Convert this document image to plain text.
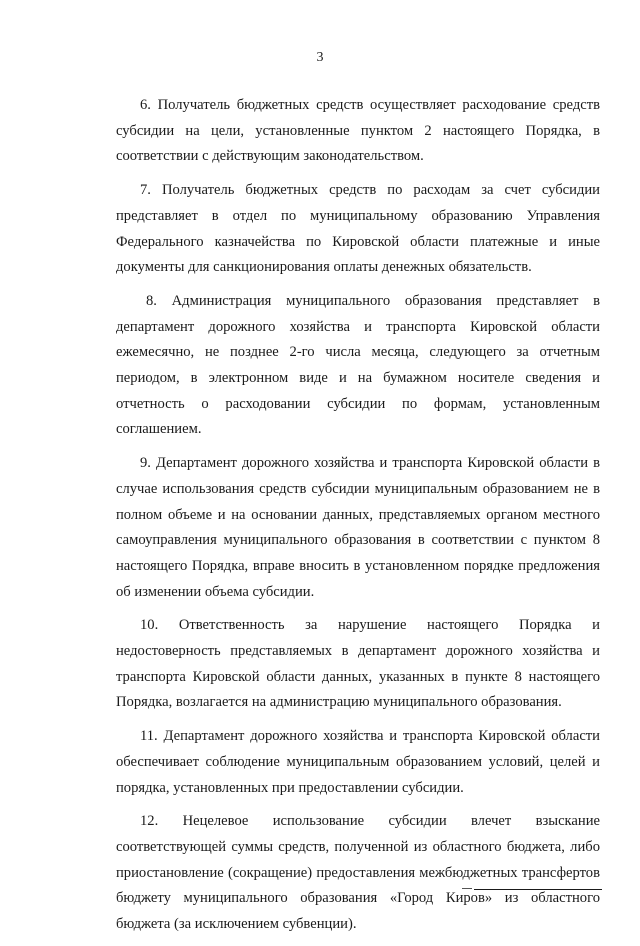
3

6. Получатель бюджетных средств осуществляет расходование средств субсидии на цели, установленные пунктом 2 настоящего Порядка, в соответствии с действующим законодательством.

7. Получатель бюджетных средств по расходам за счет субсидии представляет в отдел по муниципальному образованию Управления Федерального казначейства по Кировской области платежные и иные документы для санкционирования оплаты денежных обязательств.

8. Администрация муниципального образования представляет в департамент дорожного хозяйства и транспорта Кировской области ежемесячно, не позднее 2-го числа месяца, следующего за отчетным периодом, в электронном виде и на бумажном носителе сведения и отчетность о расходовании субсидии по формам, установленным соглашением.

9. Департамент дорожного хозяйства и транспорта Кировской области в случае использования средств субсидии муниципальным образованием не в полном объеме и на основании данных, представляемых органом местного самоуправления муниципального образования в соответствии с пунктом 8 настоящего Порядка, вправе вносить в установленном порядке предложения об изменении объема субсидии.

10. Ответственность за нарушение настоящего Порядка и недостоверность представляемых в департамент дорожного хозяйства и транспорта Кировской области данных, указанных в пункте 8 настоящего Порядка, возлагается на администрацию муниципального образования.

11. Департамент дорожного хозяйства и транспорта Кировской области обеспечивает соблюдение муниципальным образованием условий, целей и порядка, установленных при предоставлении субсидии.

12. Нецелевое использование субсидии влечет взыскание соответствующей суммы средств, полученной из областного бюджета, либо приостановление (сокращение) предоставления межбюджетных трансфертов бюджету муниципального образования «Город Киров» из областного бюджета (за исключением субвенции).
